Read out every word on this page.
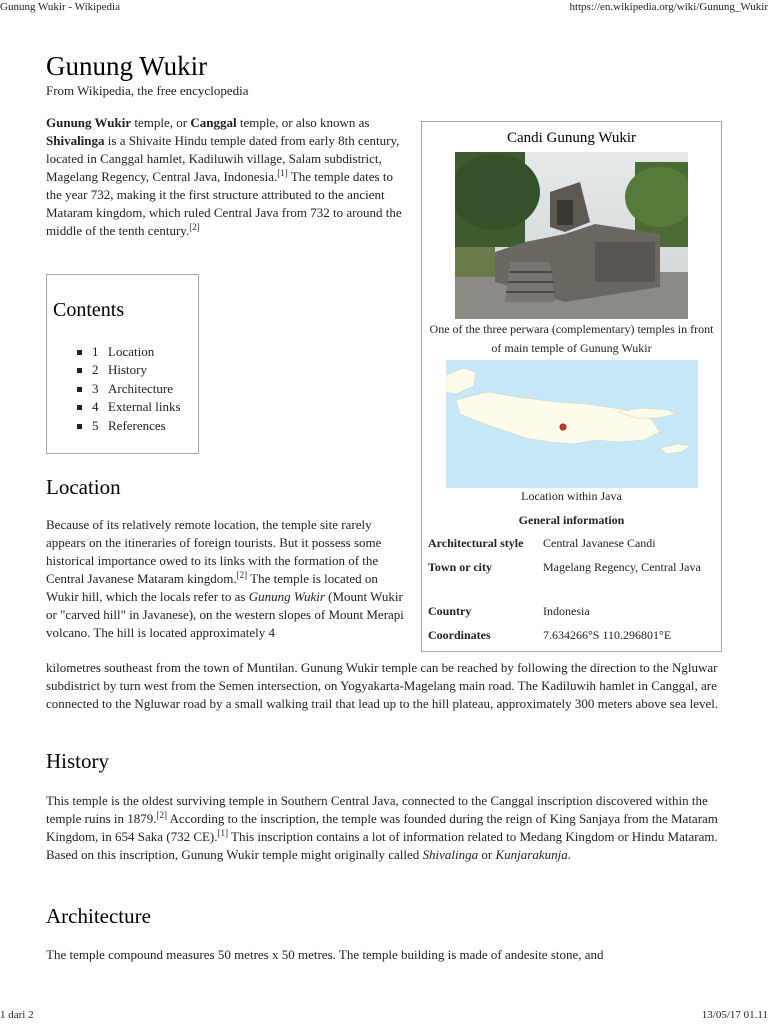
Gunung Wukir - Wikipedia	https://en.wikipedia.org/wiki/Gunung_Wukir
Gunung Wukir
From Wikipedia, the free encyclopedia

Gunung Wukir temple, or Canggal temple, or also known as Shivalinga is a Shivaite Hindu temple dated from early 8th century, located in Canggal hamlet, Kadiluwih village, Salam subdistrict, Magelang Regency, Central Java, Indonesia.[1] The temple dates to the year 732, making it the first structure attributed to the ancient Mataram kingdom, which ruled Central Java from 732 to around the middle of the tenth century.[2]

Contents
1 Location
2 History
3 Architecture
4 External links
5 References
Candi Gunung Wukir
One of the three perwara (complementary) temples in front of main temple of Gunung Wukir
Location within Java
General information
Architectural style	Central Javanese Candi
Town or city	Magelang Regency, Central Java
Country	Indonesia
Coordinates	7.634266°S 110.296801°E
Location

Because of its relatively remote location, the temple site rarely appears on the itineraries of foreign tourists. But it possess some historical importance owed to its links with the formation of the Central Javanese Mataram kingdom.[2] The temple is located on Wukir hill, which the locals refer to as Gunung Wukir (Mount Wukir or "carved hill" in Javanese), on the western slopes of Mount Merapi volcano. The hill is located approximately 4

kilometres southeast from the town of Muntilan. Gunung Wukir temple can be reached by following the direction to the Ngluwar subdistrict by turn west from the Semen intersection, on Yogyakarta-Magelang main road. The Kadiluwih hamlet in Canggal, are connected to the Ngluwar road by a small walking trail that lead up to the hill plateau, approximately 300 meters above sea level.

History

This temple is the oldest surviving temple in Southern Central Java, connected to the Canggal inscription discovered within the temple ruins in 1879.[2] According to the inscription, the temple was founded during the reign of King Sanjaya from the Mataram Kingdom, in 654 Saka (732 CE).[1] This inscription contains a lot of information related to Medang Kingdom or Hindu Mataram. Based on this inscription, Gunung Wukir temple might originally called Shivalinga or Kunjarakunja.

Architecture

The temple compound measures 50 metres x 50 metres. The temple building is made of andesite stone, and

1 dari 2	13/05/17 01.11
